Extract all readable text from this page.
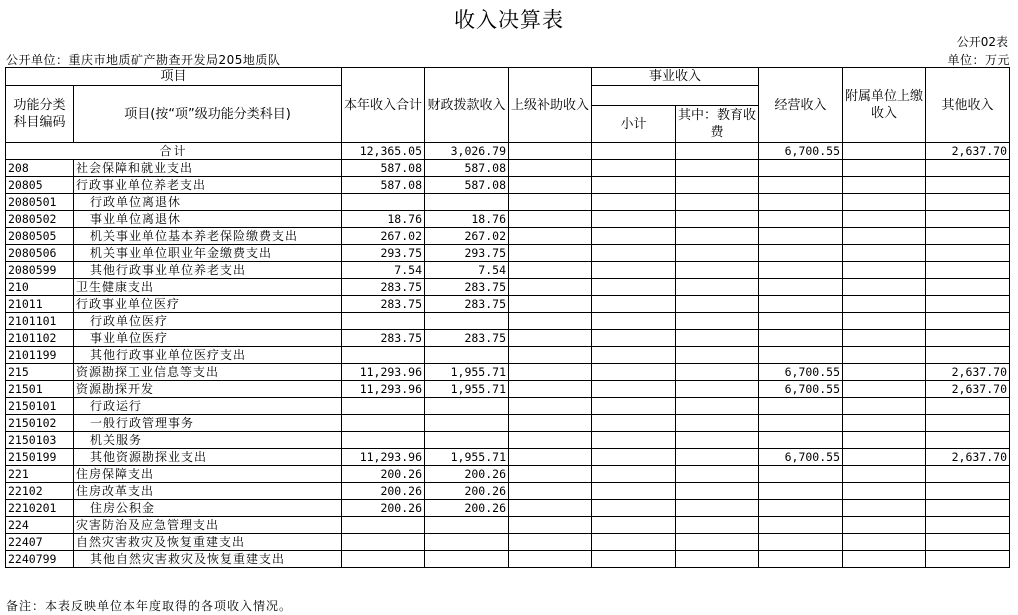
收入决算表
公开02表
公开单位：重庆市地质矿产勘查开发局205地质队	单位：万元
项目		本年收入合计	财政拨款收入	上级补助收入	事业收入		经营收入	附属单位上缴收入	其他收入
功能分类科目编码	项目(按“项”级功能分类科目)								
					小计	其中：教育收费			
合计		12,365.05	3,026.79				6,700.55		2,637.70
208	社会保障和就业支出	587.08	587.08						
20805	行政事业单位养老支出	587.08	587.08						
2080501	行政单位离退休								
2080502	事业单位离退休	18.76	18.76						
2080505	机关事业单位基本养老保险缴费支出	267.02	267.02						
2080506	机关事业单位职业年金缴费支出	293.75	293.75						
2080599	其他行政事业单位养老支出	7.54	7.54						
210	卫生健康支出	283.75	283.75						
21011	行政事业单位医疗	283.75	283.75						
2101101	行政单位医疗								
2101102	事业单位医疗	283.75	283.75						
2101199	其他行政事业单位医疗支出								
215	资源勘探工业信息等支出	11,293.96	1,955.71				6,700.55		2,637.70
21501	资源勘探开发	11,293.96	1,955.71				6,700.55		2,637.70
2150101	行政运行								
2150102	一般行政管理事务								
2150103	机关服务								
2150199	其他资源勘探业支出	11,293.96	1,955.71				6,700.55		2,637.70
221	住房保障支出	200.26	200.26						
22102	住房改革支出	200.26	200.26						
2210201	住房公积金	200.26	200.26						
224	灾害防治及应急管理支出								
22407	自然灾害救灾及恢复重建支出								
2240799	其他自然灾害救灾及恢复重建支出								
备注：本表反映单位本年度取得的各项收入情况。
